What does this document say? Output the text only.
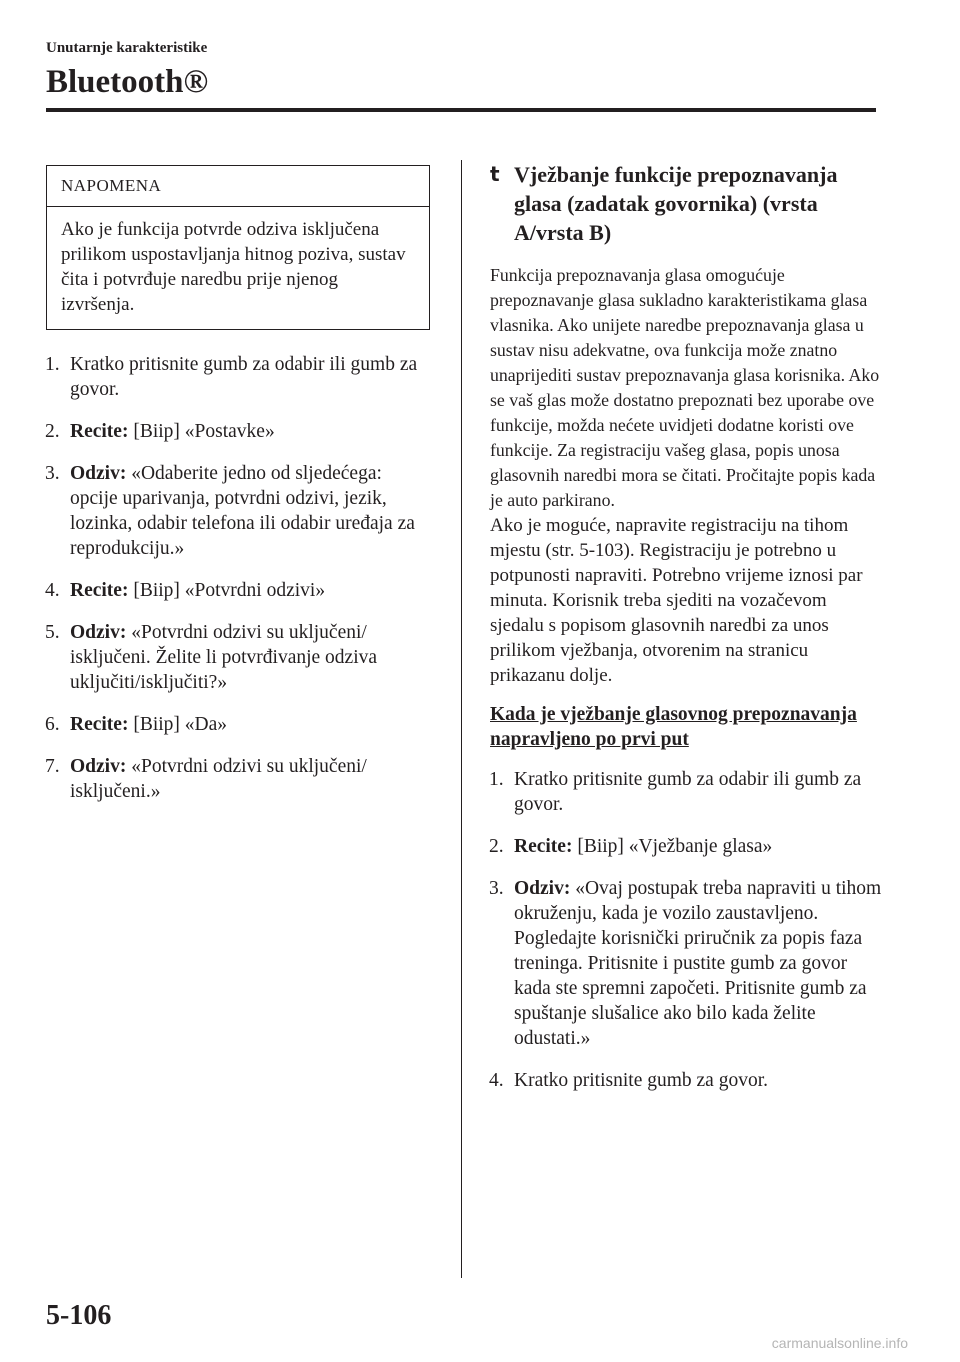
Unutarnje karakteristike
Bluetooth®
NAPOMENA
Ako je funkcija potvrde odziva isključena prilikom uspostavljanja hitnog poziva, sustav čita i potvrđuje naredbu prije njenog izvršenja.
1. Kratko pritisnite gumb za odabir ili gumb za govor.
2. Recite: [Biip] «Postavke»
3. Odziv: «Odaberite jedno od sljedećega: opcije uparivanja, potvrdni odzivi, jezik, lozinka, odabir telefona ili odabir uređaja za reprodukciju.»
4. Recite: [Biip] «Potvrdni odzivi»
5. Odziv: «Potvrdni odzivi su uključeni/ isključeni. Želite li potvrđivanje odziva uključiti/isključiti?»
6. Recite: [Biip] «Da»
7. Odziv: «Potvrdni odzivi su uključeni/ isključeni.»
t Vježbanje funkcije prepoznavanja glasa (zadatak govornika) (vrsta A/vrsta B)

Funkcija prepoznavanja glasa omogućuje prepoznavanje glasa sukladno karakteristikama glasa vlasnika. Ako unijete naredbe prepoznavanja glasa u sustav nisu adekvatne, ova funkcija može znatno unaprijediti sustav prepoznavanja glasa korisnika. Ako se vaš glas može dostatno prepoznati bez uporabe ove funkcije, možda nećete uvidjeti dodatne koristi ove funkcije. Za registraciju vašeg glasa, popis unosa glasovnih naredbi mora se čitati. Pročitajte popis kada je auto parkirano.

Ako je moguće, napravite registraciju na tihom mjestu (str. 5-103). Registraciju je potrebno u potpunosti napraviti. Potrebno vrijeme iznosi par minuta. Korisnik treba sjediti na vozačevom sjedalu s popisom glasovnih naredbi za unos prilikom vježbanja, otvorenim na stranicu prikazanu dolje.

Kada je vježbanje glasovnog prepoznavanja napravljeno po prvi put
1. Kratko pritisnite gumb za odabir ili gumb za govor.
2. Recite: [Biip] «Vježbanje glasa»
3. Odziv: «Ovaj postupak treba napraviti u tihom okruženju, kada je vozilo zaustavljeno. Pogledajte korisnički priručnik za popis faza treninga. Pritisnite i pustite gumb za govor kada ste spremni započeti. Pritisnite gumb za spuštanje slušalice ako bilo kada želite odustati.»
4. Kratko pritisnite gumb za govor.
5-106
carmanualsonline.info
